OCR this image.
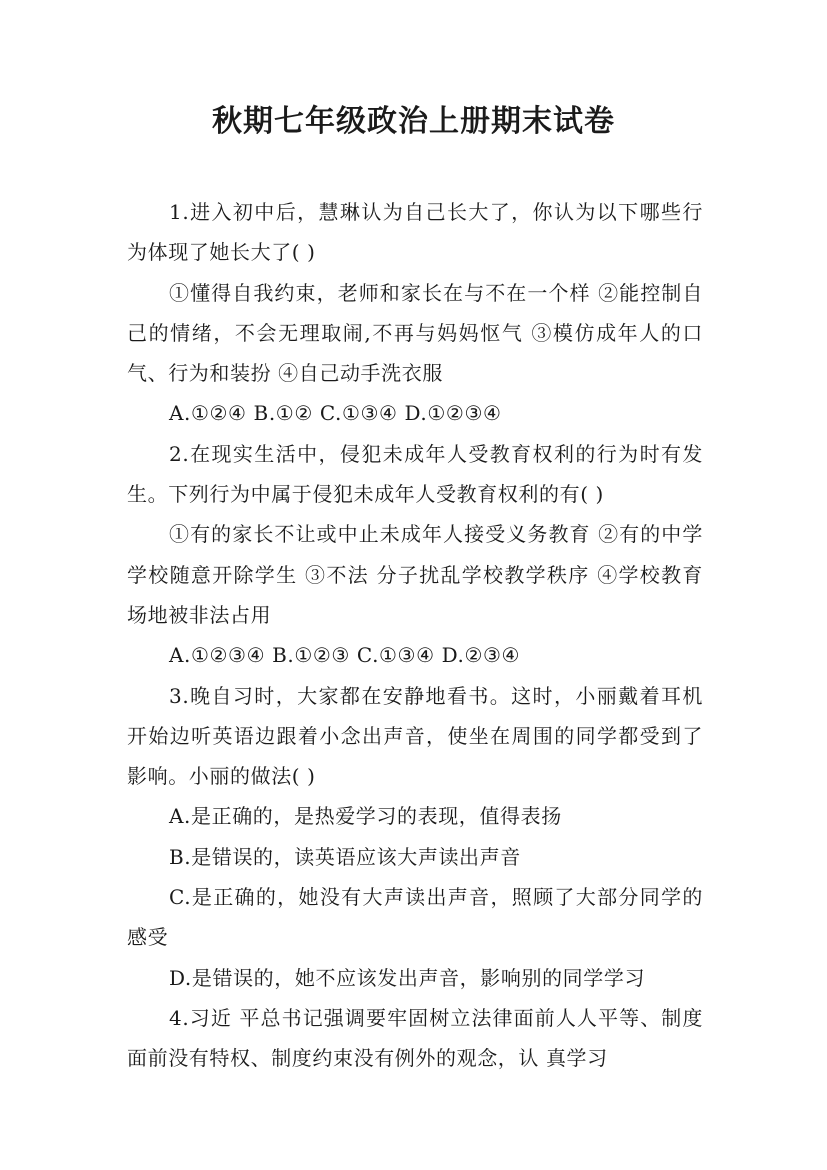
秋期七年级政治上册期末试卷

1.进入初中后，慧琳认为自己长大了，你认为以下哪些行为体现了她长大了( )

①懂得自我约束，老师和家长在与不在一个样 ②能控制自己的情绪，不会无理取闹,不再与妈妈怄气 ③模仿成年人的口气、行为和装扮 ④自己动手洗衣服

A.①②④ B.①② C.①③④ D.①②③④

2.在现实生活中，侵犯未成年人受教育权利的行为时有发生。下列行为中属于侵犯未成年人受教育权利的有( )

①有的家长不让或中止未成年人接受义务教育 ②有的中学学校随意开除学生 ③不法 分子扰乱学校教学秩序 ④学校教育场地被非法占用

A.①②③④ B.①②③ C.①③④ D.②③④

3.晚自习时，大家都在安静地看书。这时，小丽戴着耳机开始边听英语边跟着小念出声音，使坐在周围的同学都受到了影响。小丽的做法( )

A.是正确的，是热爱学习的表现，值得表扬

B.是错误的，读英语应该大声读出声音

C.是正确的，她没有大声读出声音，照顾了大部分同学的感受

D.是错误的，她不应该发出声音，影响别的同学学习

4.习近 平总书记强调要牢固树立法律面前人人平等、制度面前没有特权、制度约束没有例外的观念，认 真学习
